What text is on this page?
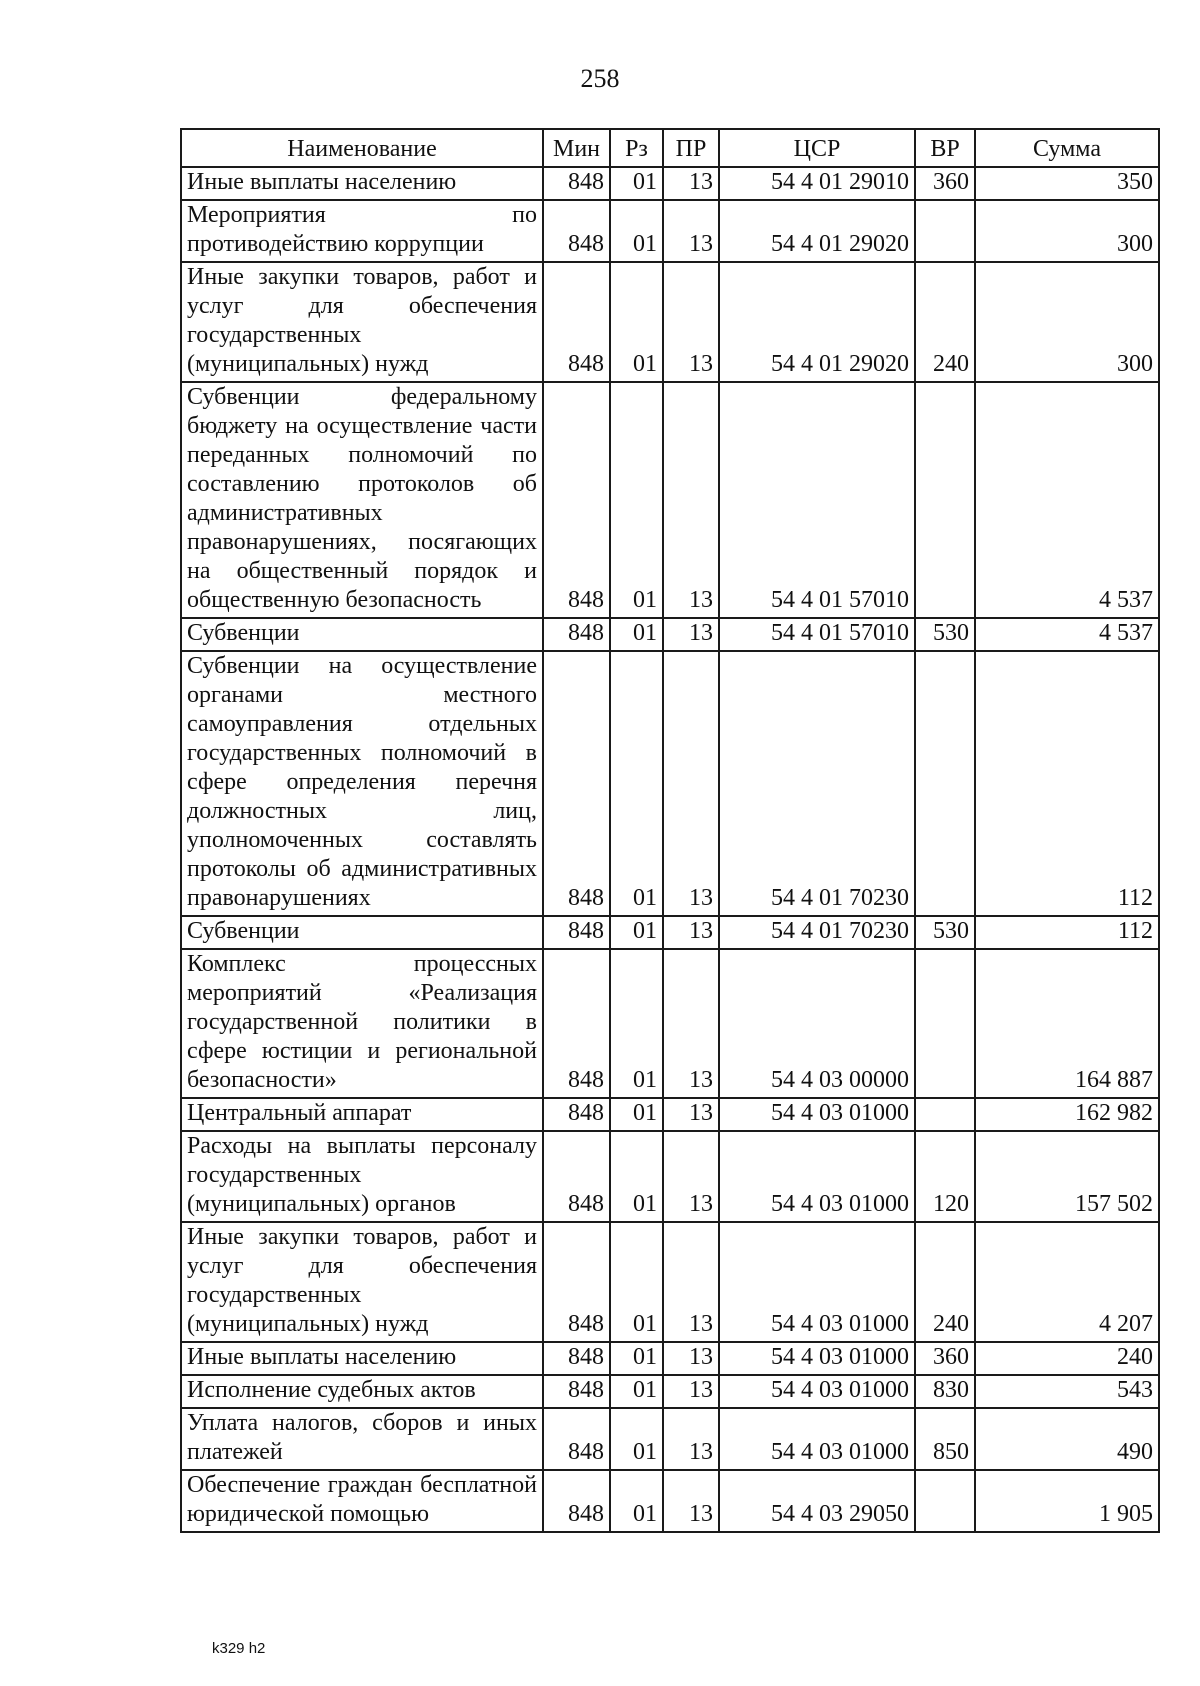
258
Наименование	Мин	Рз	ПР	ЦСР	ВР	Сумма
Иные выплаты населению	848	01	13	54 4 01 29010	360	350
Мероприятия по противодействию коррупции	848	01	13	54 4 01 29020		300
Иные закупки товаров, работ и услуг для обеспечения государственных (муниципальных) нужд	848	01	13	54 4 01 29020	240	300
Субвенции федеральному бюджету на осуществление части переданных полномочий по составлению протоколов об административных правонарушениях, посягающих на общественный порядок и общественную безопасность	848	01	13	54 4 01 57010		4 537
Субвенции	848	01	13	54 4 01 57010	530	4 537
Субвенции на осуществление органами местного самоуправления отдельных государственных полномочий в сфере определения перечня должностных лиц, уполномоченных составлять протоколы об административных правонарушениях	848	01	13	54 4 01 70230		112
Субвенции	848	01	13	54 4 01 70230	530	112
Комплекс процессных мероприятий «Реализация государственной политики в сфере юстиции и региональной безопасности»	848	01	13	54 4 03 00000		164 887
Центральный аппарат	848	01	13	54 4 03 01000		162 982
Расходы на выплаты персоналу государственных (муниципальных) органов	848	01	13	54 4 03 01000	120	157 502
Иные закупки товаров, работ и услуг для обеспечения государственных (муниципальных) нужд	848	01	13	54 4 03 01000	240	4 207
Иные выплаты населению	848	01	13	54 4 03 01000	360	240
Исполнение судебных актов	848	01	13	54 4 03 01000	830	543
Уплата налогов, сборов и иных платежей	848	01	13	54 4 03 01000	850	490
Обеспечение граждан бесплатной юридической помощью	848	01	13	54 4 03 29050		1 905
k329 h2
